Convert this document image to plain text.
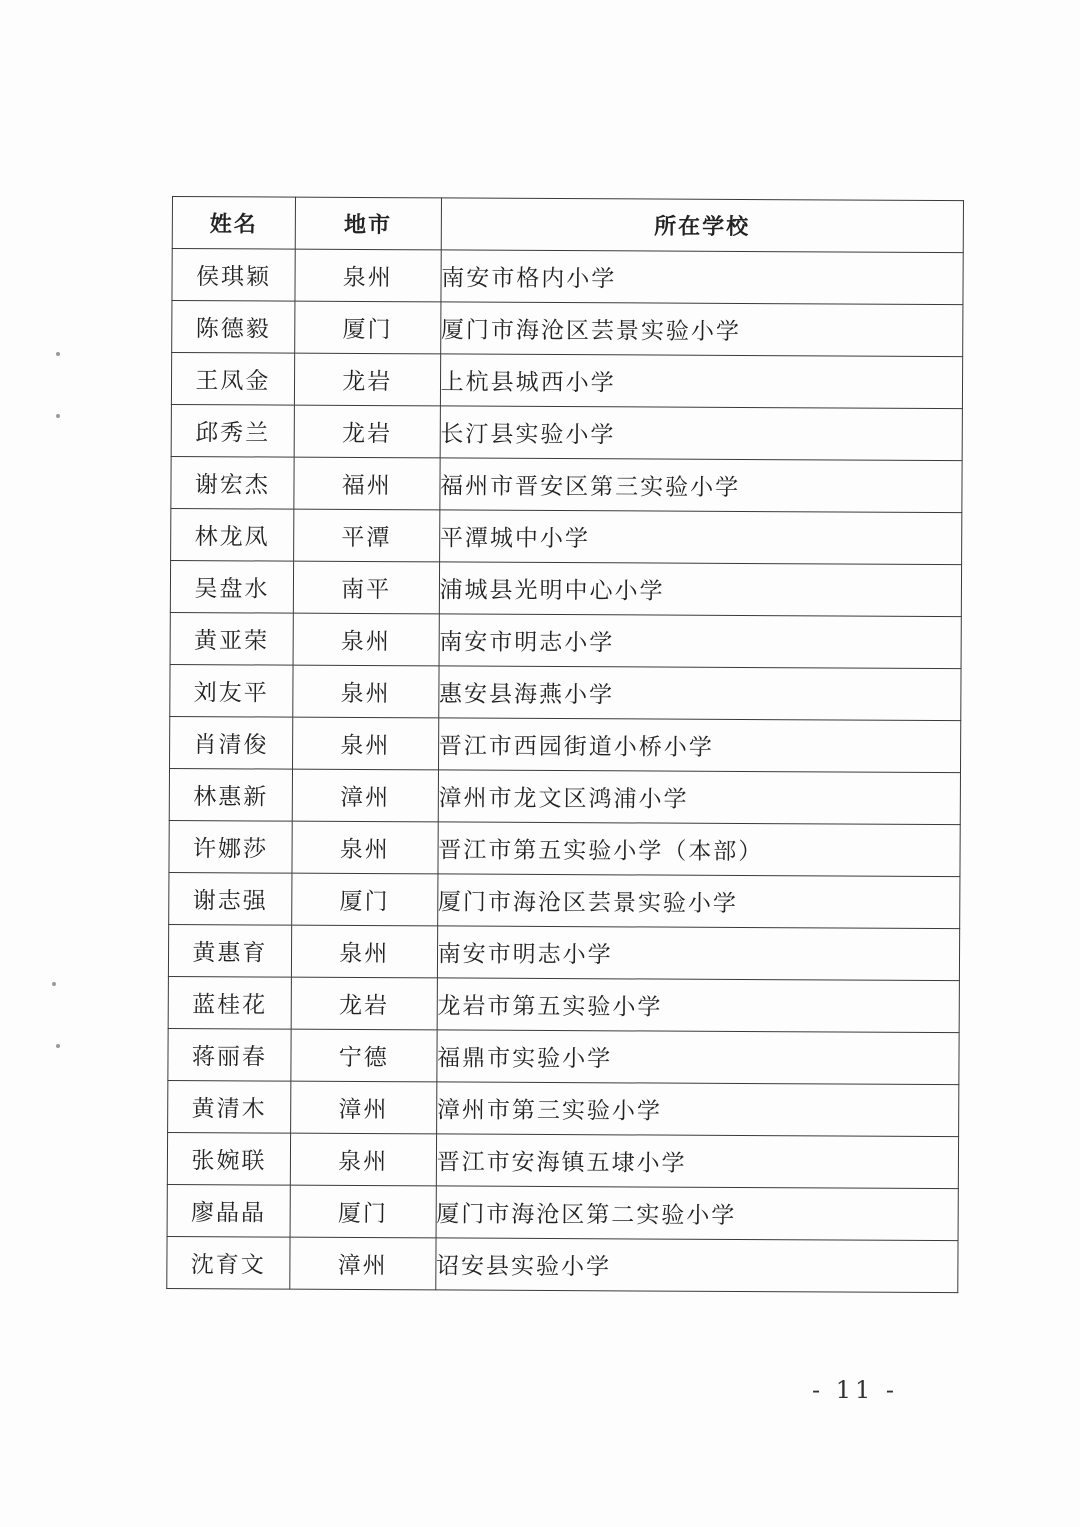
姓名	地市	所在学校
侯琪颖	泉州	南安市格内小学
陈德毅	厦门	厦门市海沧区芸景实验小学
王凤金	龙岩	上杭县城西小学
邱秀兰	龙岩	长汀县实验小学
谢宏杰	福州	福州市晋安区第三实验小学
林龙凤	平潭	平潭城中小学
吴盘水	南平	浦城县光明中心小学
黄亚荣	泉州	南安市明志小学
刘友平	泉州	惠安县海燕小学
肖清俊	泉州	晋江市西园街道小桥小学
林惠新	漳州	漳州市龙文区鸿浦小学
许娜莎	泉州	晋江市第五实验小学（本部）
谢志强	厦门	厦门市海沧区芸景实验小学
黄惠育	泉州	南安市明志小学
蓝桂花	龙岩	龙岩市第五实验小学
蒋丽春	宁德	福鼎市实验小学
黄清木	漳州	漳州市第三实验小学
张婉联	泉州	晋江市安海镇五埭小学
廖晶晶	厦门	厦门市海沧区第二实验小学
沈育文	漳州	诏安县实验小学
- 11 -
